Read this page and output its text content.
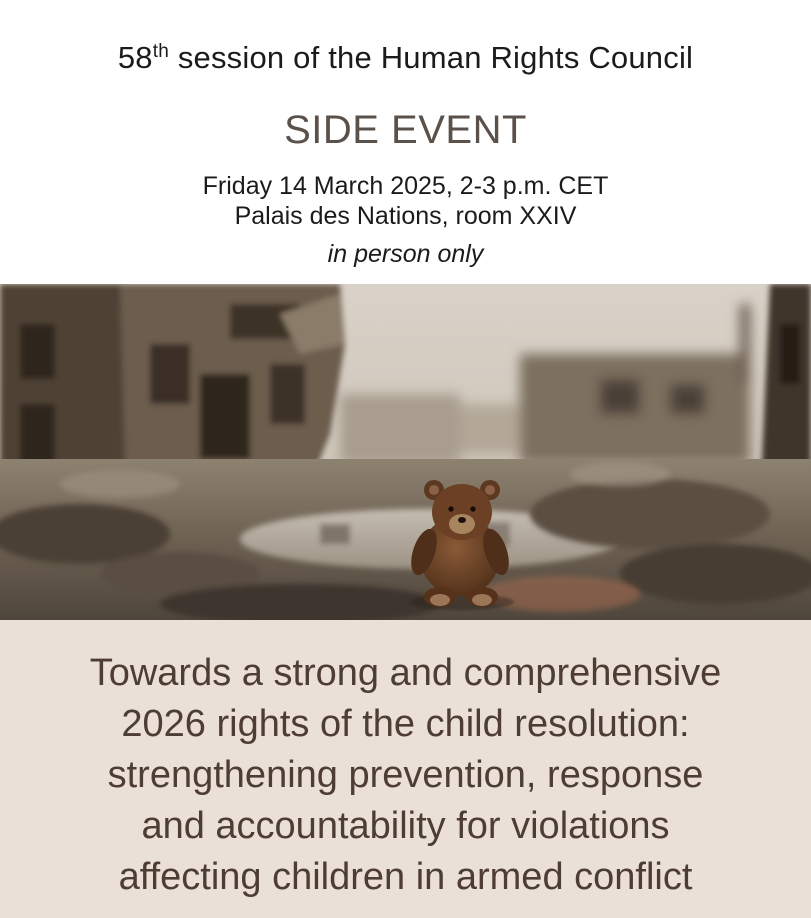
58th session of the Human Rights Council
SIDE EVENT
Friday 14 March 2025, 2-3 p.m. CET
Palais des Nations, room XXIV
in person only
Towards a strong and comprehensive
2026 rights of the child resolution:
strengthening prevention, response
and accountability for violations
affecting children in armed conflict
